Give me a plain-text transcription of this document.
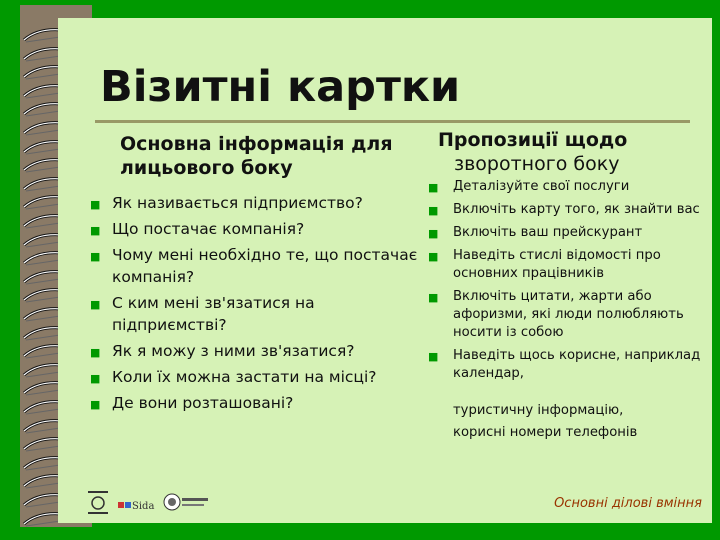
Візитні картки
Основна інформація для лицьового боку
Пропозиції щодо
зворотного боку
■ Як називається підприємство?
■ Що постачає компанія?
■ Чому мені необхідно те, що постачає компанія?
■ С ким мені зв'язатися на підприємстві?
■ Як я можу з ними зв'язатися?
■ Коли їх можна застати на місці?
■ Де вони розташовані?
■ Деталізуйте свої послуги
■ Включіть карту того, як знайти вас
■ Включіть ваш прейскурант
■ Наведіть стислі відомості про основних працівників
■ Включіть цитати, жарти або афоризми, які люди полюбляють носити із собою
■ Наведіть щось корисне, наприклад календар,
туристичну інформацію,
корисні номери телефонів
Sida	Основні ділові вміння
